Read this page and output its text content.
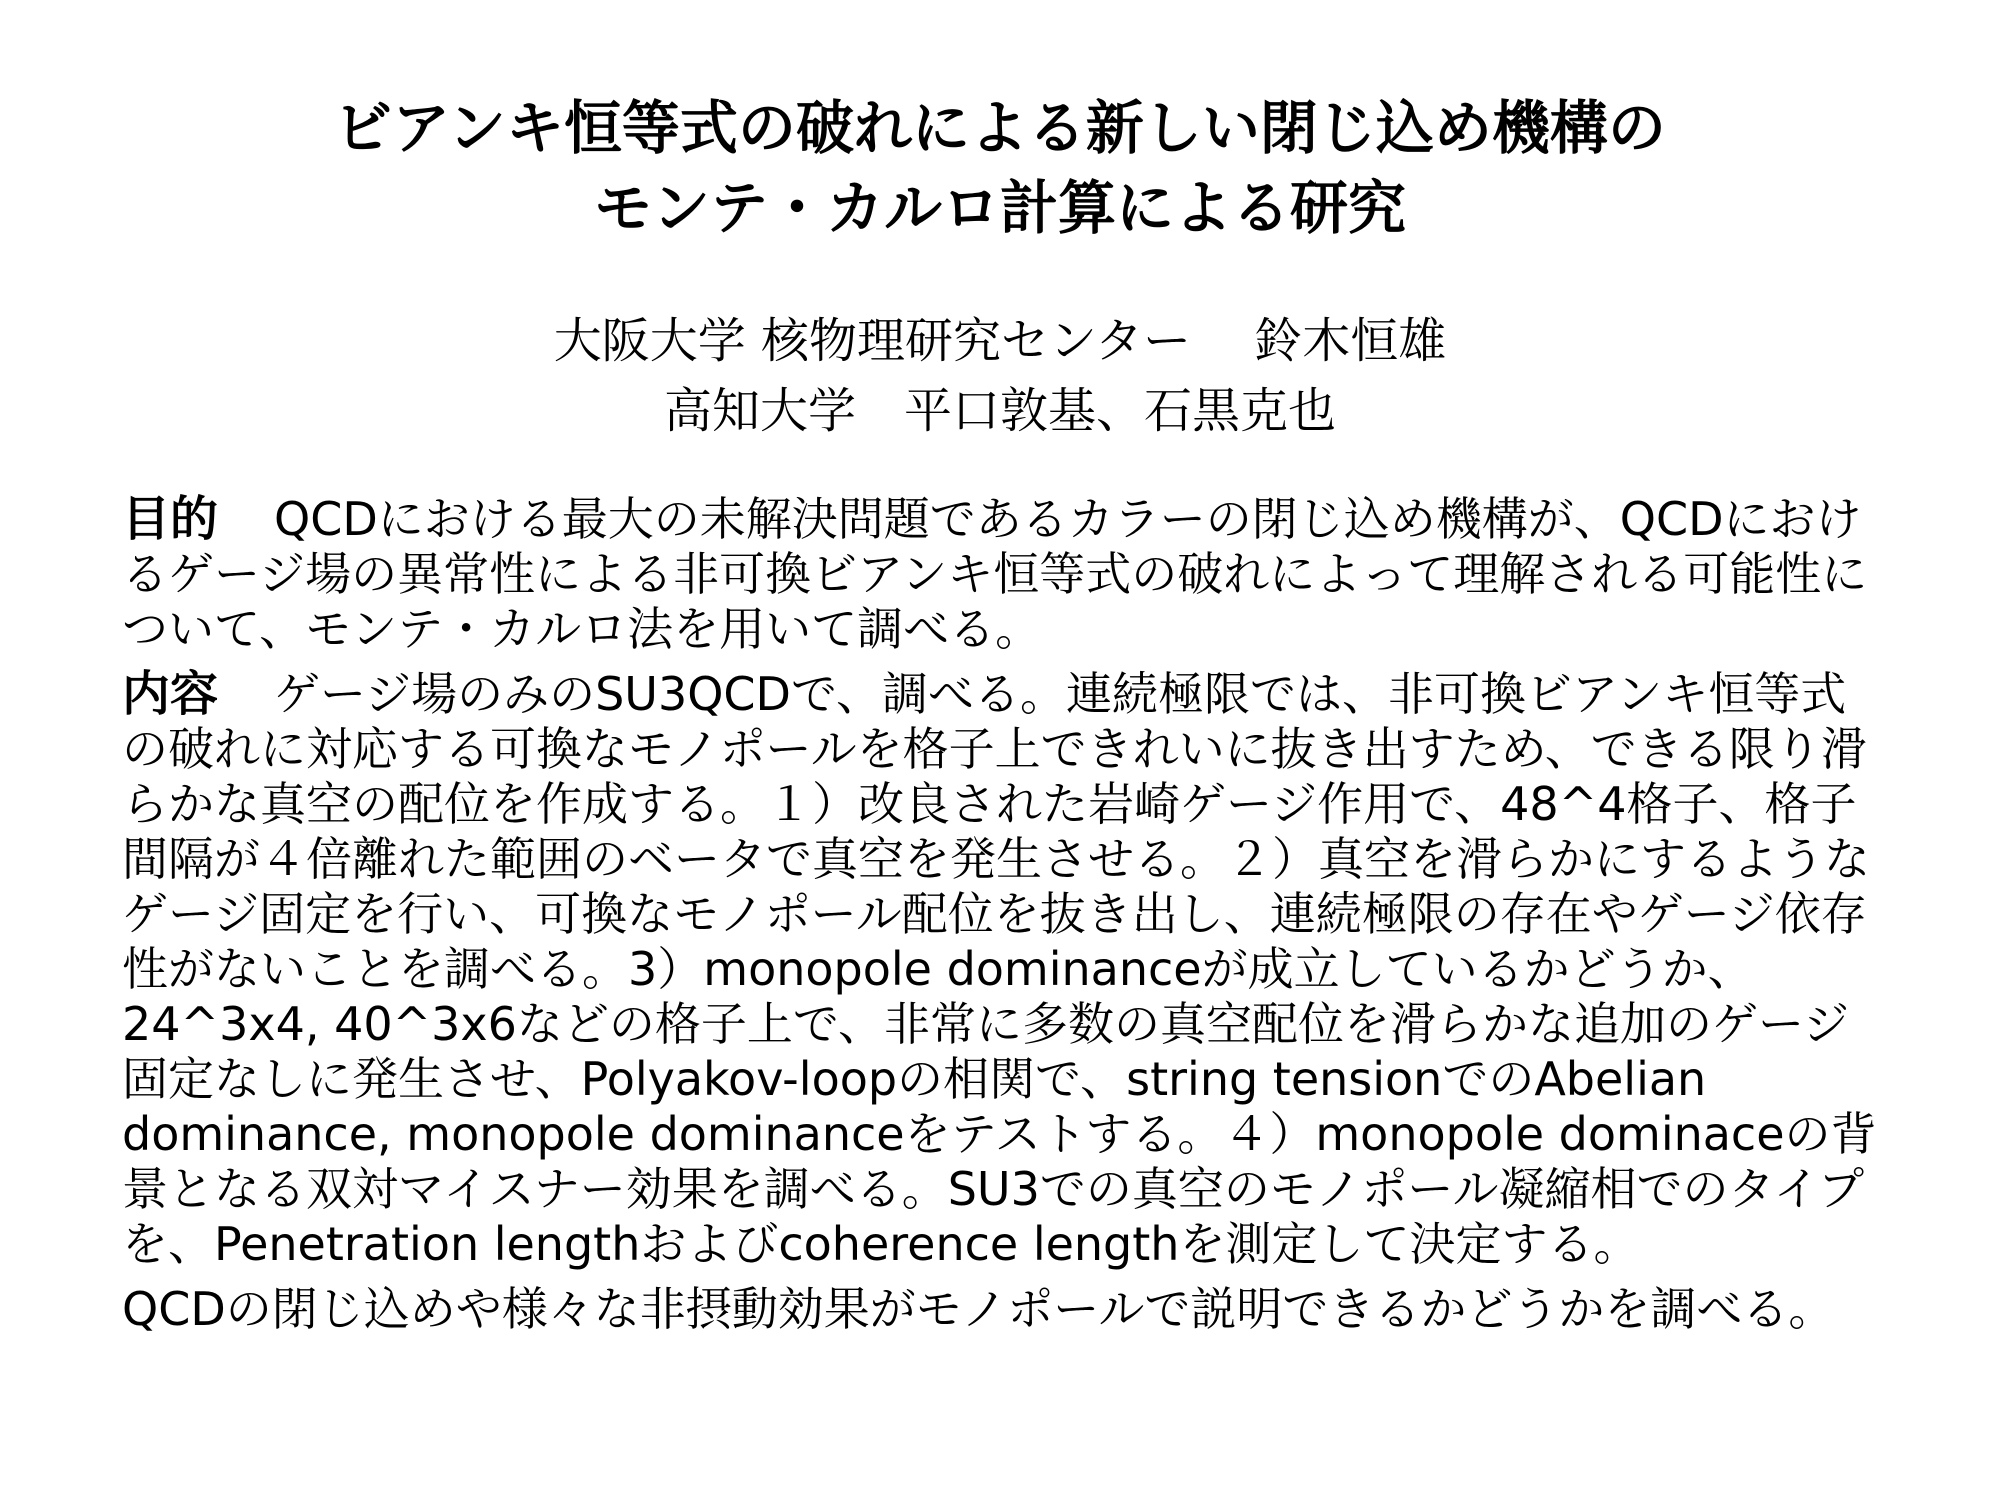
ビアンキ恒等式の破れによる新しい閉じ込め機構の
モンテ・カルロ計算による研究
大阪大学 核物理研究センター　 鈴木恒雄
高知大学　平口敦基、石黒克也

目的 QCDにおける最大の未解決問題であるカラーの閉じ込め機構が、QCDにおけるゲージ場の異常性による非可換ビアンキ恒等式の破れによって理解される可能性について、モンテ・カルロ法を用いて調べる。

内容 ゲージ場のみのSU3QCDで、調べる。連続極限では、非可換ビアンキ恒等式の破れに対応する可換なモノポールを格子上できれいに抜き出すため、できる限り滑らかな真空の配位を作成する。１）改良された岩崎ゲージ作用で、48^4格子、格子間隔が４倍離れた範囲のベータで真空を発生させる。２）真空を滑らかにするようなゲージ固定を行い、可換なモノポール配位を抜き出し、連続極限の存在やゲージ依存性がないことを調べる。3）monopole dominanceが成立しているかどうか、24^3x4, 40^3x6などの格子上で、非常に多数の真空配位を滑らかな追加のゲージ固定なしに発生させ、Polyakov-loopの相関で、string tensionでのAbelian dominance, monopole dominanceをテストする。４）monopole dominaceの背景となる双対マイスナー効果を調べる。SU3での真空のモノポール凝縮相でのタイプを、Penetration lengthおよびcoherence lengthを測定して決定する。

QCDの閉じ込めや様々な非摂動効果がモノポールで説明できるかどうかを調べる。
